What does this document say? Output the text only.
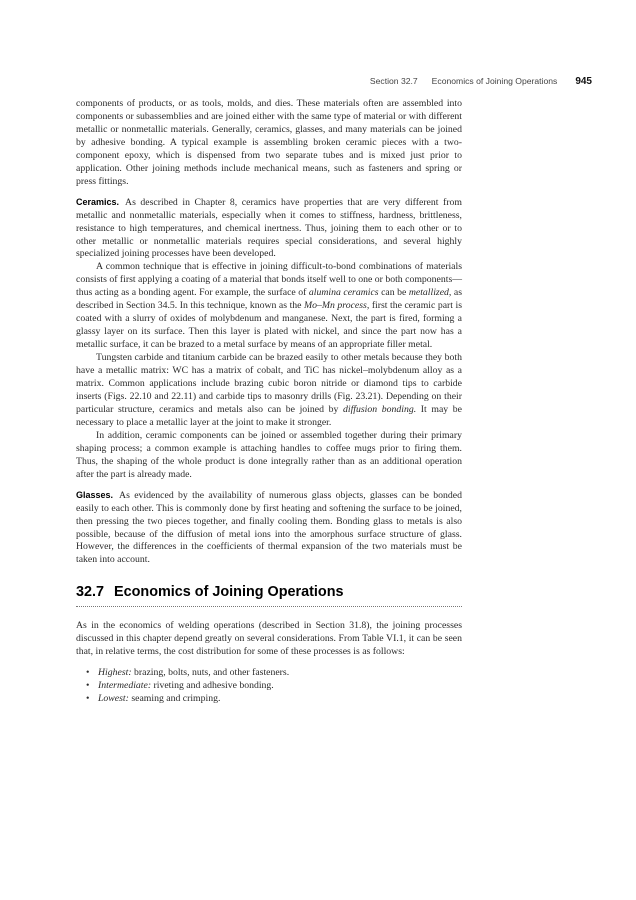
Section 32.7 Economics of Joining Operations 945

components of products, or as tools, molds, and dies. These materials often are assembled into components or subassemblies and are joined either with the same type of material or with different metallic or nonmetallic materials. Generally, ceramics, glasses, and many materials can be joined by adhesive bonding. A typical example is assembling broken ceramic pieces with a two-component epoxy, which is dispensed from two separate tubes and is mixed just prior to application. Other joining methods include mechanical means, such as fasteners and spring or press fittings.

Ceramics. As described in Chapter 8, ceramics have properties that are very different from metallic and nonmetallic materials, especially when it comes to stiffness, hardness, brittleness, resistance to high temperatures, and chemical inertness. Thus, joining them to each other or to other metallic or nonmetallic materials requires special considerations, and several highly specialized joining processes have been developed.

A common technique that is effective in joining difficult-to-bond combinations of materials consists of first applying a coating of a material that bonds itself well to one or both components—thus acting as a bonding agent. For example, the surface of alumina ceramics can be metallized, as described in Section 34.5. In this technique, known as the Mo–Mn process, first the ceramic part is coated with a slurry of oxides of molybdenum and manganese. Next, the part is fired, forming a glassy layer on its surface. Then this layer is plated with nickel, and since the part now has a metallic surface, it can be brazed to a metal surface by means of an appropriate filler metal.

Tungsten carbide and titanium carbide can be brazed easily to other metals because they both have a metallic matrix: WC has a matrix of cobalt, and TiC has nickel–molybdenum alloy as a matrix. Common applications include brazing cubic boron nitride or diamond tips to carbide inserts (Figs. 22.10 and 22.11) and carbide tips to masonry drills (Fig. 23.21). Depending on their particular structure, ceramics and metals also can be joined by diffusion bonding. It may be necessary to place a metallic layer at the joint to make it stronger.

In addition, ceramic components can be joined or assembled together during their primary shaping process; a common example is attaching handles to coffee mugs prior to firing them. Thus, the shaping of the whole product is done integrally rather than as an additional operation after the part is already made.

Glasses. As evidenced by the availability of numerous glass objects, glasses can be bonded easily to each other. This is commonly done by first heating and softening the surface to be joined, then pressing the two pieces together, and finally cooling them. Bonding glass to metals is also possible, because of the diffusion of metal ions into the amorphous surface structure of glass. However, the differences in the coefficients of thermal expansion of the two materials must be taken into account.

32.7 Economics of Joining Operations

As in the economics of welding operations (described in Section 31.8), the joining processes discussed in this chapter depend greatly on several considerations. From Table VI.1, it can be seen that, in relative terms, the cost distribution for some of these processes is as follows:

• Highest: brazing, bolts, nuts, and other fasteners.
• Intermediate: riveting and adhesive bonding.
• Lowest: seaming and crimping.
